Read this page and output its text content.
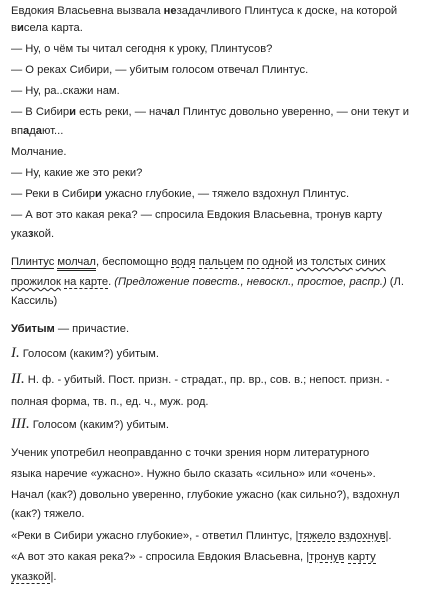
Евдокия Власьевна вызвала незадачливого Плинтуса к доске, на которой
висела карта.
— Ну, о чём ты читал сегодня к уроку, Плинтусов?
— О реках Сибири, — убитым голосом отвечал Плинтус.
— Ну, ра..скажи нам.
— В Сибири есть реки, — начал Плинтус довольно уверенно, — они текут и
впадают...
Молчание.
— Ну, какие же это реки?
— Реки в Сибири ужасно глубокие, — тяжело вздохнул Плинтус.
— А вот это какая река? — спросила Евдокия Власьевна, тронув карту
указкой.
Плинтус молчал, беспомощно водя пальцем по одной из толстых синих
прожилок на карте. (Предложение повеств., невоскл., простое, распр.) (Л.
Кассиль)
Убитым — причастие.
I. Голосом (каким?) убитым.
II. Н. ф. - убитый. Пост. призн. - страдат., пр. вр., сов. в.; непост. призн. -
полная форма, тв. п., ед. ч., муж. род.
III. Голосом (каким?) убитым.
Ученик употребил неоправданно с точки зрения норм литературного
языка наречие «ужасно». Нужно было сказать «сильно» или «очень».
Начал (как?) довольно уверенно, глубокие ужасно (как сильно?), вздохнул
(как?) тяжело.
«Реки в Сибири ужасно глубокие», - ответил Плинтус, |тяжело вздохнув|.
«А вот это какая река?» - спросила Евдокия Власьевна, |тронув карту
указкой|.
